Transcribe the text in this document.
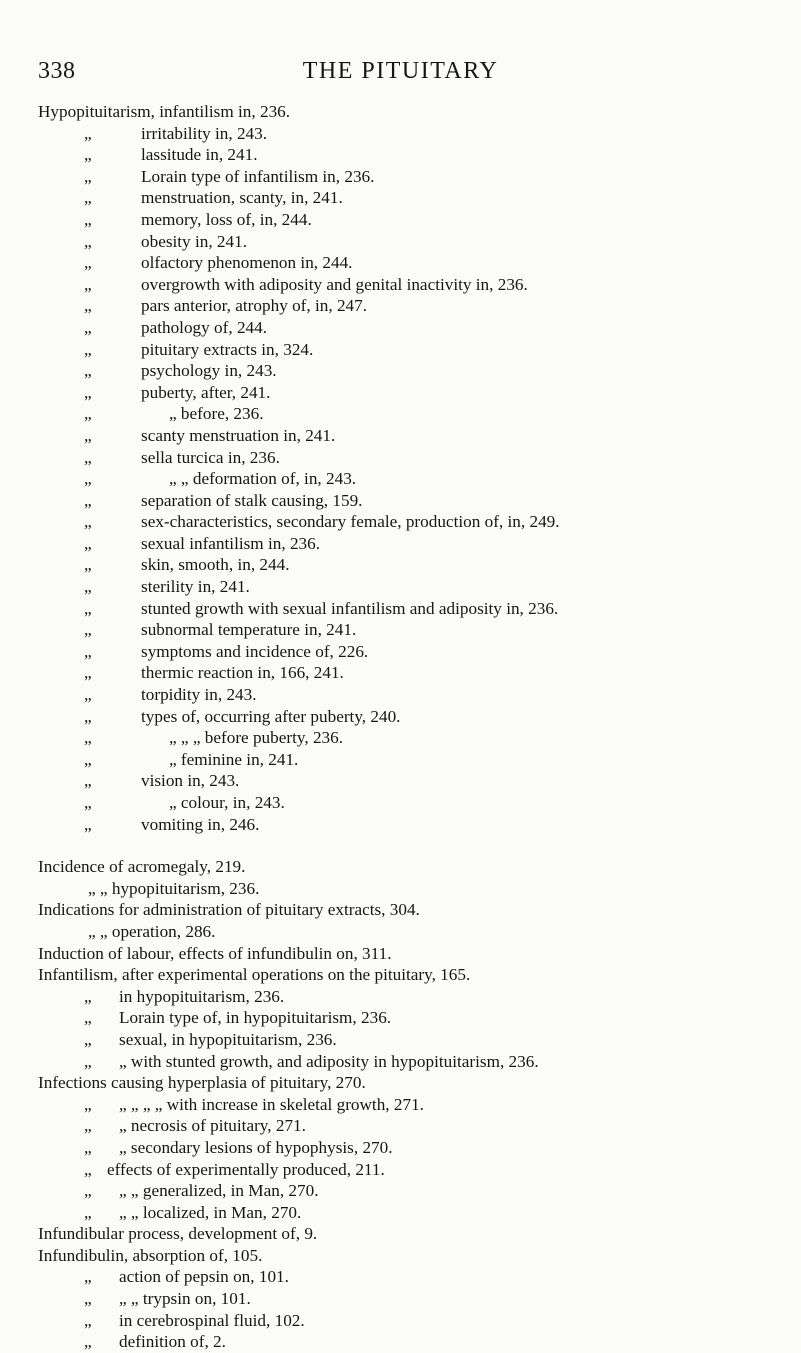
338	THE PITUITARY
Hypopituitarism, infantilism in, 236.
„	irritability in, 243.
„	lassitude in, 241.
„	Lorain type of infantilism in, 236.
„	menstruation, scanty, in, 241.
„	memory, loss of, in, 244.
„	obesity in, 241.
„	olfactory phenomenon in, 244.
„	overgrowth with adiposity and genital inactivity in, 236.
„	pars anterior, atrophy of, in, 247.
„	pathology of, 244.
„	pituitary extracts in, 324.
„	psychology in, 243.
„	puberty, after, 241.
„	„ before, 236.
„	scanty menstruation in, 241.
„	sella turcica in, 236.
„	„ „ deformation of, in, 243.
„	separation of stalk causing, 159.
„	sex-characteristics, secondary female, production of, in, 249.
„	sexual infantilism in, 236.
„	skin, smooth, in, 244.
„	sterility in, 241.
„	stunted growth with sexual infantilism and adiposity in, 236.
„	subnormal temperature in, 241.
„	symptoms and incidence of, 226.
„	thermic reaction in, 166, 241.
„	torpidity in, 243.
„	types of, occurring after puberty, 240.
„	„ „ „ before puberty, 236.
„	„ feminine in, 241.
„	vision in, 243.
„	„ colour, in, 243.
„	vomiting in, 246.
Incidence of acromegaly, 219.
„ „ hypopituitarism, 236.
Indications for administration of pituitary extracts, 304.
„ „ operation, 286.
Induction of labour, effects of infundibulin on, 311.
Infantilism, after experimental operations on the pituitary, 165.
„ in hypopituitarism, 236.
„ Lorain type of, in hypopituitarism, 236.
„ sexual, in hypopituitarism, 236.
„ „ with stunted growth, and adiposity in hypopituitarism, 236.
Infections causing hyperplasia of pituitary, 270.
„ „ „ „ „ with increase in skeletal growth, 271.
„ „ necrosis of pituitary, 271.
„ „ secondary lesions of hypophysis, 270.
„ effects of experimentally produced, 211.
„ „ „ generalized, in Man, 270.
„ „ „ localized, in Man, 270.
Infundibular process, development of, 9.
Infundibulin, absorption of, 105.
„ action of pepsin on, 101.
„ „ „ trypsin on, 101.
„ in cerebrospinal fluid, 102.
„ definition of, 2.
